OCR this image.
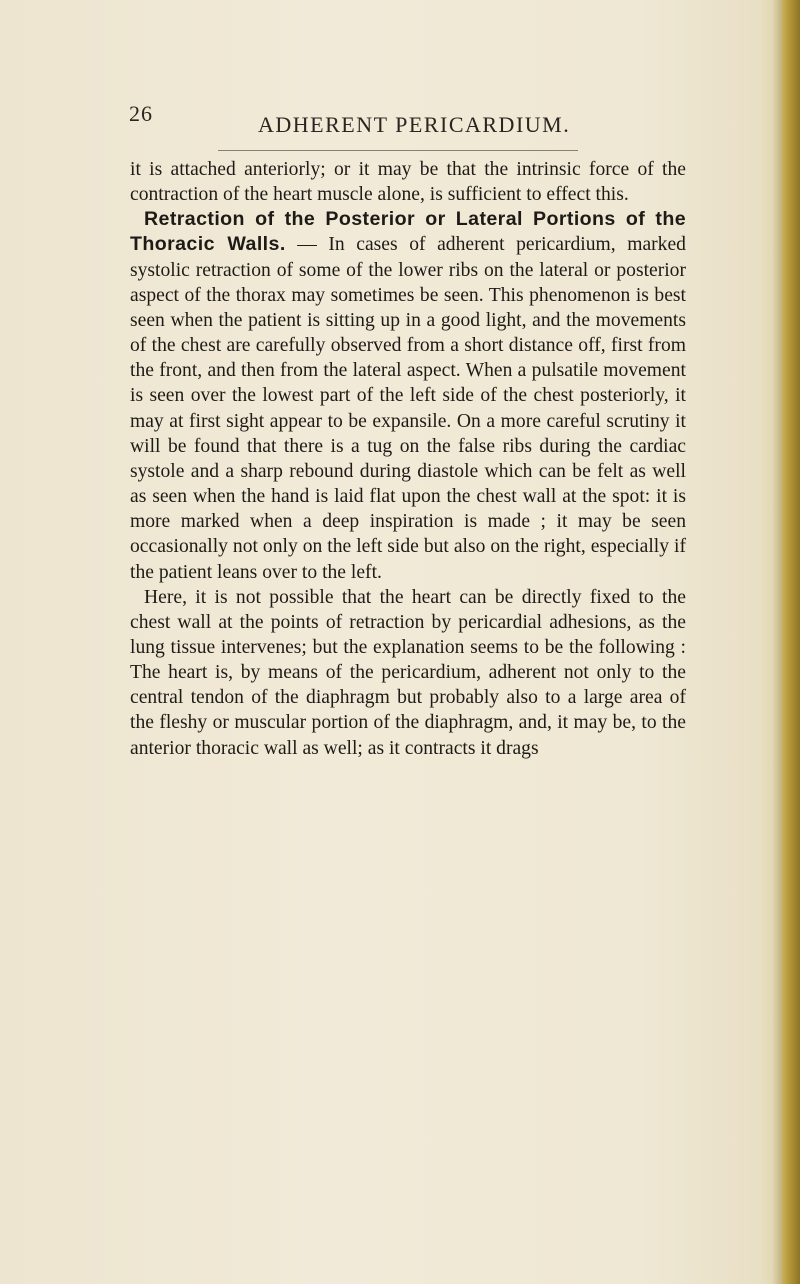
26	ADHERENT PERICARDIUM.

it is attached anteriorly; or it may be that the intrinsic force of the contraction of the heart muscle alone, is sufficient to effect this.

Retraction of the Posterior or Lateral Portions of the Thoracic Walls. — In cases of adherent pericardium, marked systolic retraction of some of the lower ribs on the lateral or posterior aspect of the thorax may sometimes be seen. This phenomenon is best seen when the patient is sitting up in a good light, and the movements of the chest are carefully observed from a short distance off, first from the front, and then from the lateral aspect. When a pulsatile movement is seen over the lowest part of the left side of the chest posteriorly, it may at first sight appear to be expansile. On a more careful scrutiny it will be found that there is a tug on the false ribs during the cardiac systole and a sharp rebound during diastole which can be felt as well as seen when the hand is laid flat upon the chest wall at the spot: it is more marked when a deep inspiration is made ; it may be seen occasionally not only on the left side but also on the right, especially if the patient leans over to the left.

Here, it is not possible that the heart can be directly fixed to the chest wall at the points of retraction by pericardial adhesions, as the lung tissue intervenes; but the explanation seems to be the following : The heart is, by means of the pericardium, adherent not only to the central tendon of the diaphragm but probably also to a large area of the fleshy or muscular portion of the diaphragm, and, it may be, to the anterior thoracic wall as well; as it contracts it drags
